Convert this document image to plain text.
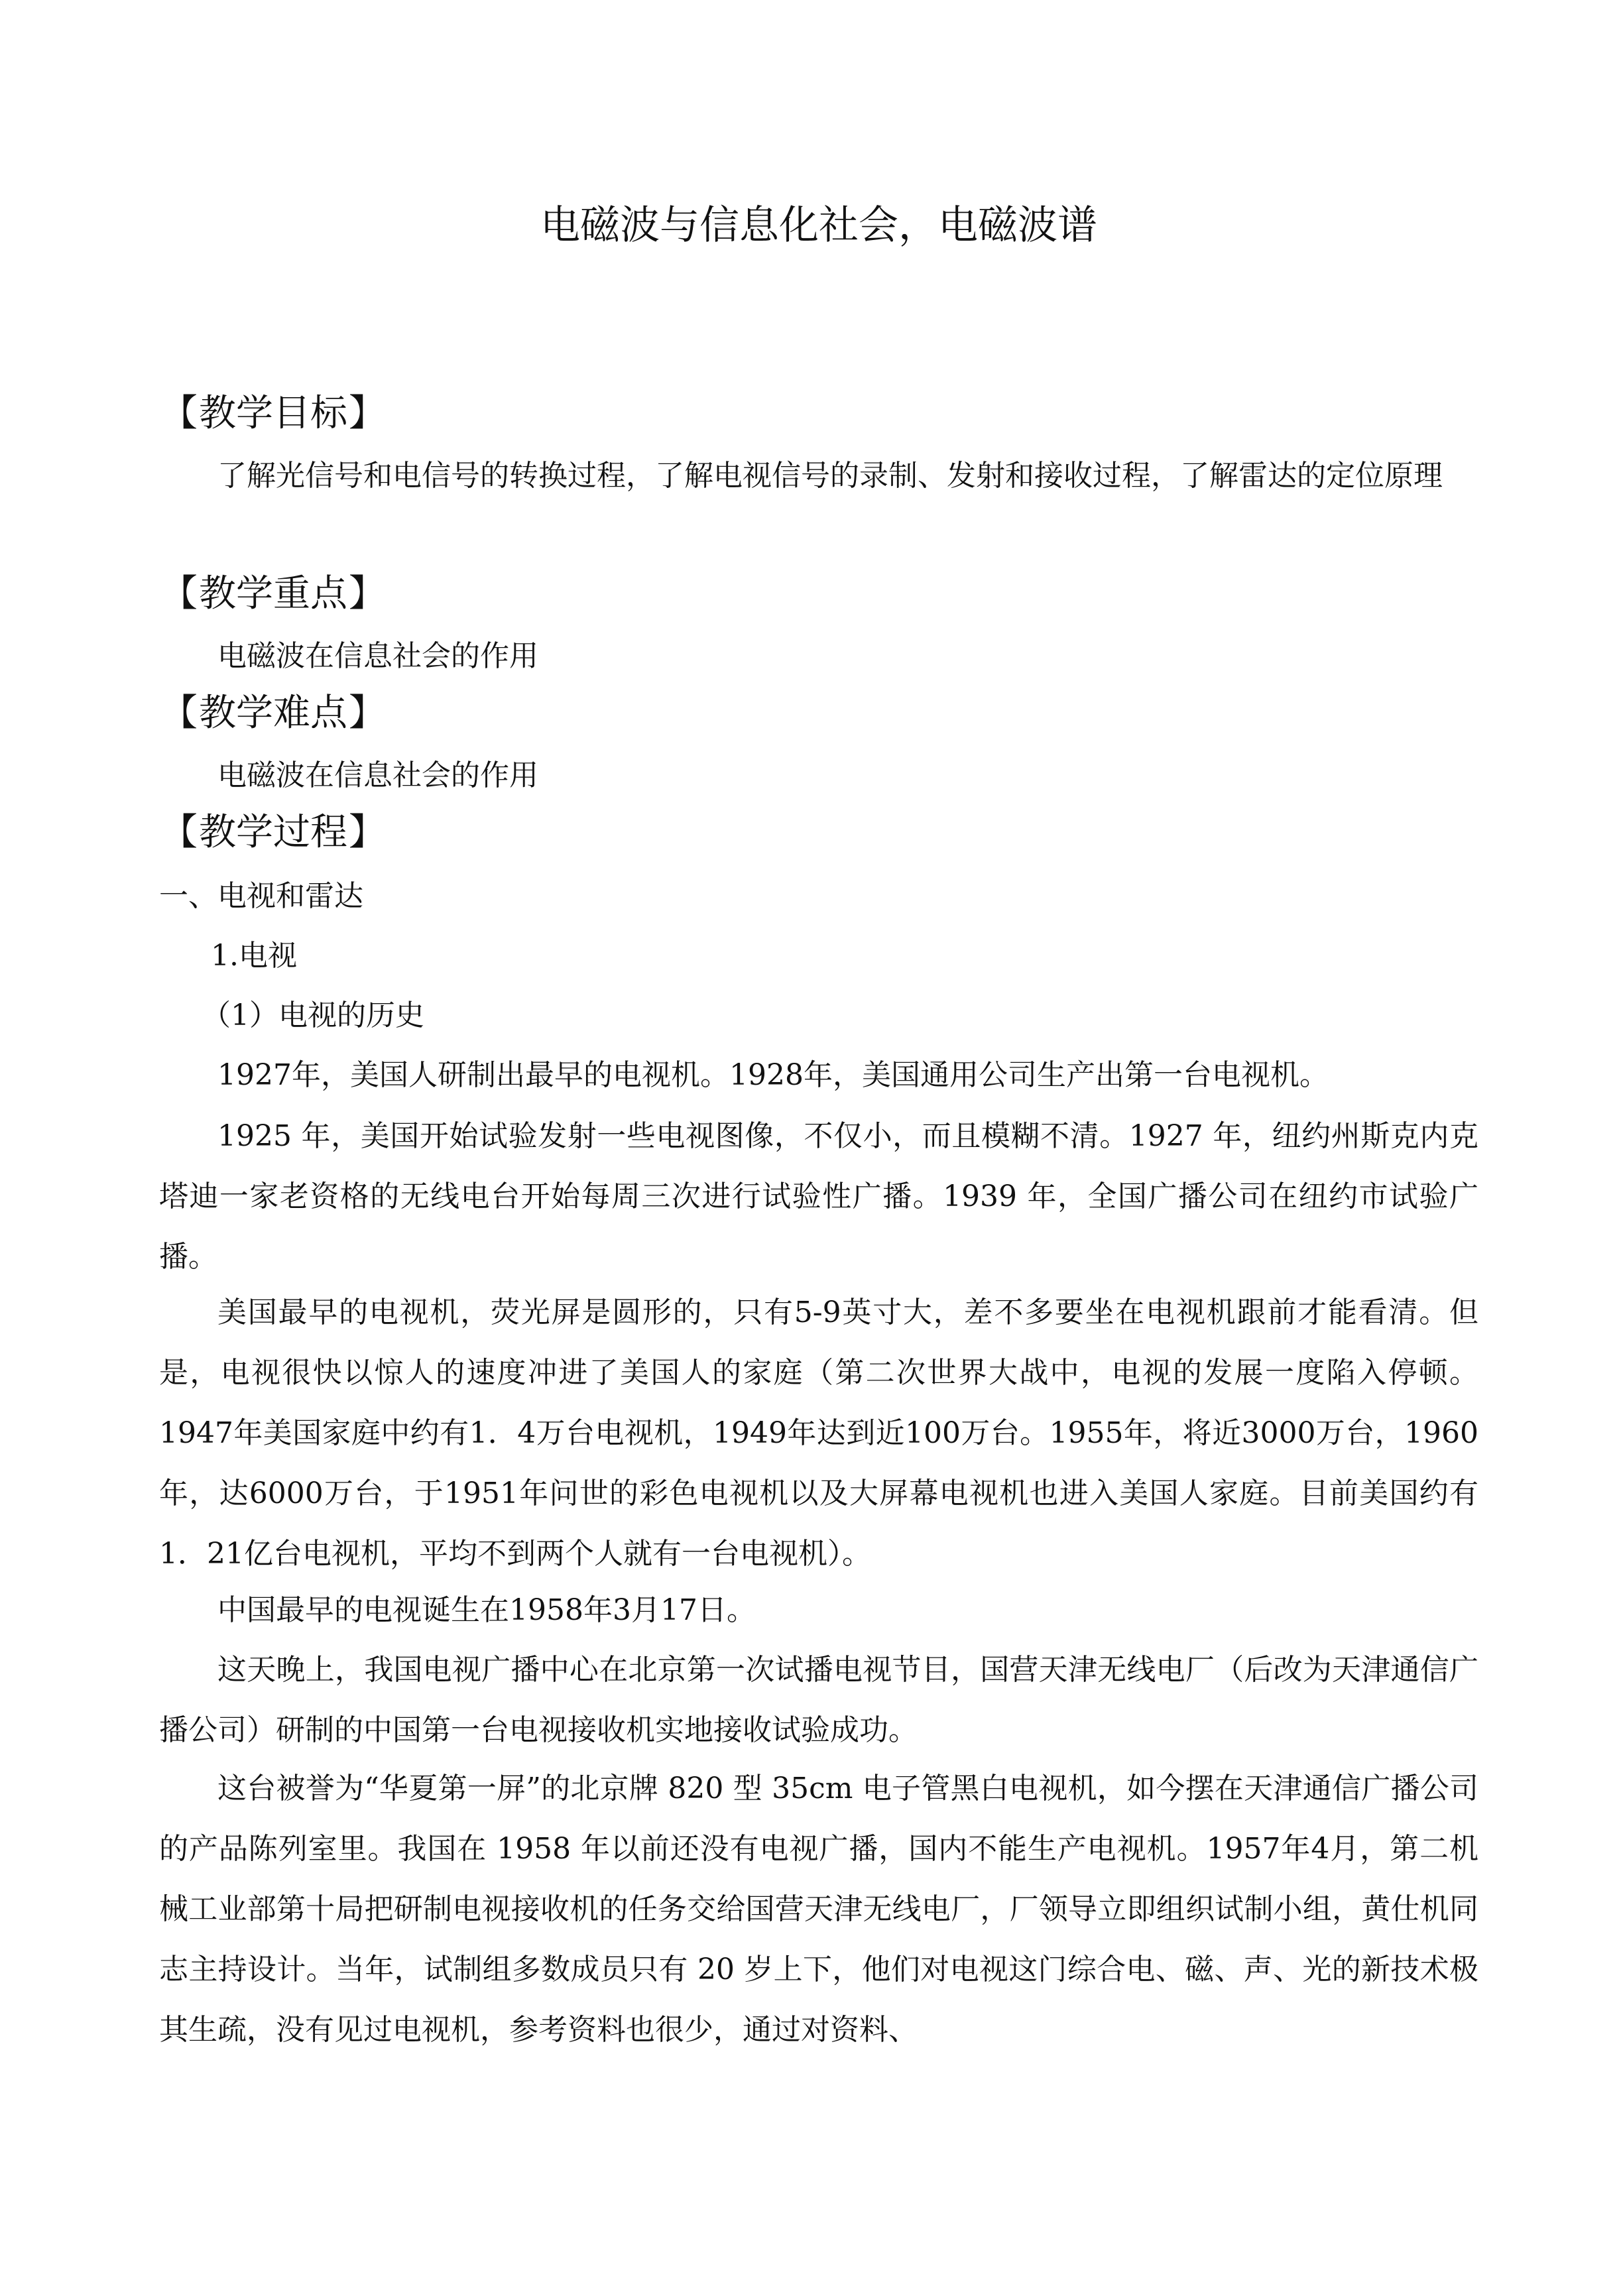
电磁波与信息化社会，电磁波谱
【教学目标】

了解光信号和电信号的转换过程，了解电视信号的录制、发射和接收过程，了解雷达的定位原理

【教学重点】

电磁波在信息社会的作用

【教学难点】

电磁波在信息社会的作用

【教学过程】

一、电视和雷达

1.电视

（1）电视的历史

1927年，美国人研制出最早的电视机。1928年，美国通用公司生产出第一台电视机。

1925 年，美国开始试验发射一些电视图像，不仅小，而且模糊不清。1927 年，纽约州斯克内克塔迪一家老资格的无线电台开始每周三次进行试验性广播。1939 年，全国广播公司在纽约市试验广播。

美国最早的电视机，荧光屏是圆形的，只有5-9英寸大，差不多要坐在电视机跟前才能看清。但是，电视很快以惊人的速度冲进了美国人的家庭（第二次世界大战中，电视的发展一度陷入停顿。1947年美国家庭中约有1．4万台电视机，1949年达到近100万台。1955年，将近3000万台，1960年，达6000万台，于1951年问世的彩色电视机以及大屏幕电视机也进入美国人家庭。目前美国约有1．21亿台电视机，平均不到两个人就有一台电视机）。

中国最早的电视诞生在1958年3月17日。

这天晚上，我国电视广播中心在北京第一次试播电视节目，国营天津无线电厂（后改为天津通信广播公司）研制的中国第一台电视接收机实地接收试验成功。

这台被誉为“华夏第一屏”的北京牌 820 型 35cm 电子管黑白电视机，如今摆在天津通信广播公司的产品陈列室里。我国在 1958 年以前还没有电视广播，国内不能生产电视机。1957年4月，第二机械工业部第十局把研制电视接收机的任务交给国营天津无线电厂，厂领导立即组织试制小组，黄仕机同志主持设计。当年，试制组多数成员只有 20 岁上下，他们对电视这门综合电、磁、声、光的新技术极其生疏，没有见过电视机，参考资料也很少，通过对资料、
